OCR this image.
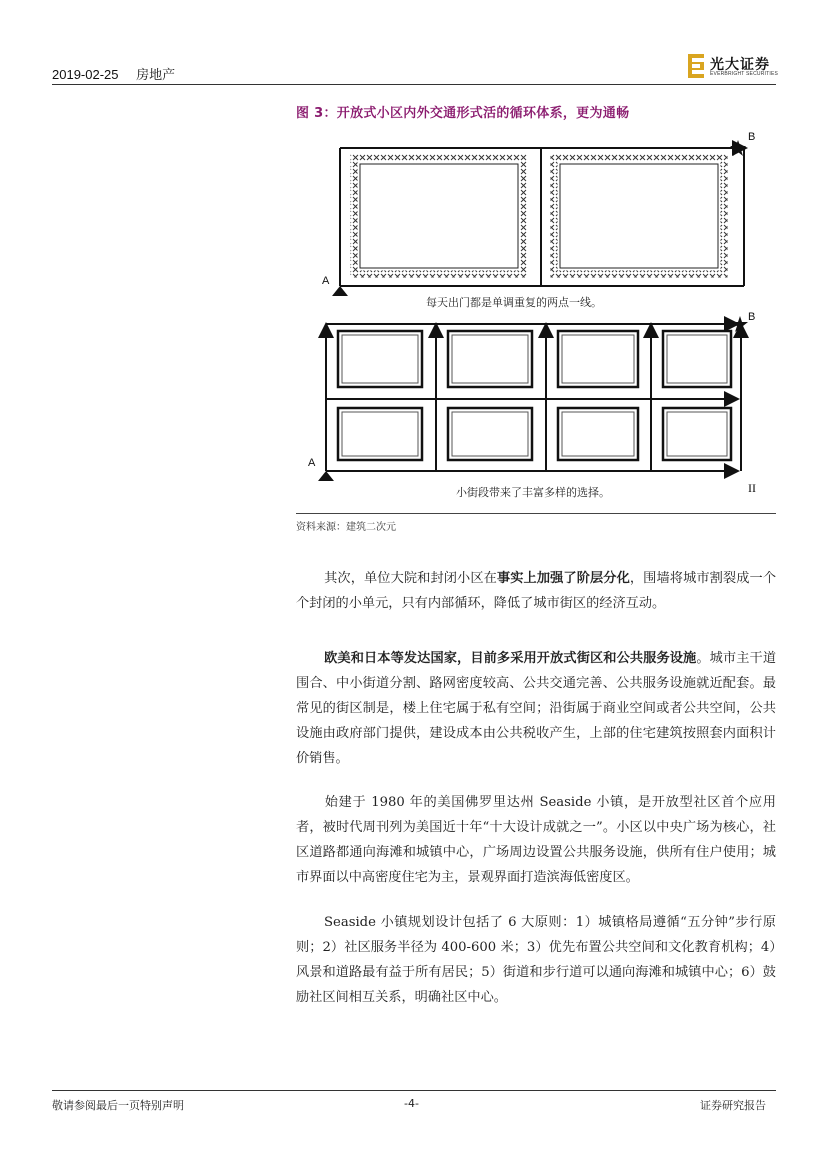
2019-02-25 房地产
光大证券
EVERBRIGHT SECURITIES
图 3：开放式小区内外交通形式活的循环体系，更为通畅
A
B
每天出门都是单调重复的两点一线。
A
B
小街段带来了丰富多样的选择。	II
资料来源：建筑二次元

其次，单位大院和封闭小区在事实上加强了阶层分化，围墙将城市割裂成一个个封闭的小单元，只有内部循环，降低了城市街区的经济互动。

欧美和日本等发达国家，目前多采用开放式街区和公共服务设施。城市主干道围合、中小街道分割、路网密度较高、公共交通完善、公共服务设施就近配套。最常见的街区制是，楼上住宅属于私有空间；沿街属于商业空间或者公共空间，公共设施由政府部门提供，建设成本由公共税收产生，上部的住宅建筑按照套内面积计价销售。

始建于 1980 年的美国佛罗里达州 Seaside 小镇，是开放型社区首个应用者，被时代周刊列为美国近十年“十大设计成就之一”。小区以中央广场为核心，社区道路都通向海滩和城镇中心，广场周边设置公共服务设施，供所有住户使用；城市界面以中高密度住宅为主，景观界面打造滨海低密度区。

Seaside 小镇规划设计包括了 6 大原则：1）城镇格局遵循“五分钟”步行原则；2）社区服务半径为 400-600 米；3）优先布置公共空间和文化教育机构；4）风景和道路最有益于所有居民；5）街道和步行道可以通向海滩和城镇中心；6）鼓励社区间相互关系，明确社区中心。

敬请参阅最后一页特别声明	-4-	证券研究报告
